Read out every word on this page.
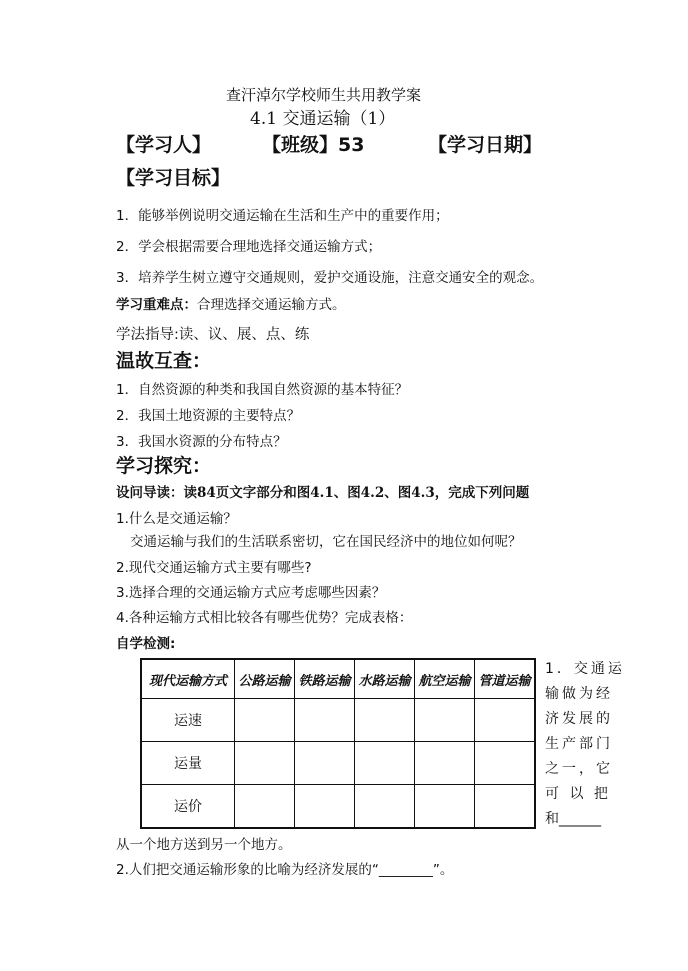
查汗淖尔学校师生共用教学案
4.1 交通运输（1）
【学习人】	【班级】53	【学习日期】
【学习目标】
1．能够举例说明交通运输在生活和生产中的重要作用；
2．学会根据需要合理地选择交通运输方式；
3．培养学生树立遵守交通规则，爱护交通设施，注意交通安全的观念。
学习重难点：合理选择交通运输方式。
学法指导:读、议、展、点、练
温故互查：
1．自然资源的种类和我国自然资源的基本特征？
2．我国土地资源的主要特点？
3．我国水资源的分布特点？
学习探究：
设问导读：读84页文字部分和图4.1、图4.2、图4.3，完成下列问题
1.什么是交通运输？
交通运输与我们的生活联系密切，它在国民经济中的地位如何呢？
2.现代交通运输方式主要有哪些?
3.选择合理的交通运输方式应考虑哪些因素？
4.各种运输方式相比较各有哪些优势？完成表格：
自学检测:
现代运输方式	公路运输	铁路运输	水路运输	航空运输	管道运输
运速					
运量					
运价					
1．交通运
输做为经
济发展的
生产部门
之一，它
可 以 把
和______
从一个地方送到另一个地方。
2.人们把交通运输形象的比喻为经济发展的“________”。
